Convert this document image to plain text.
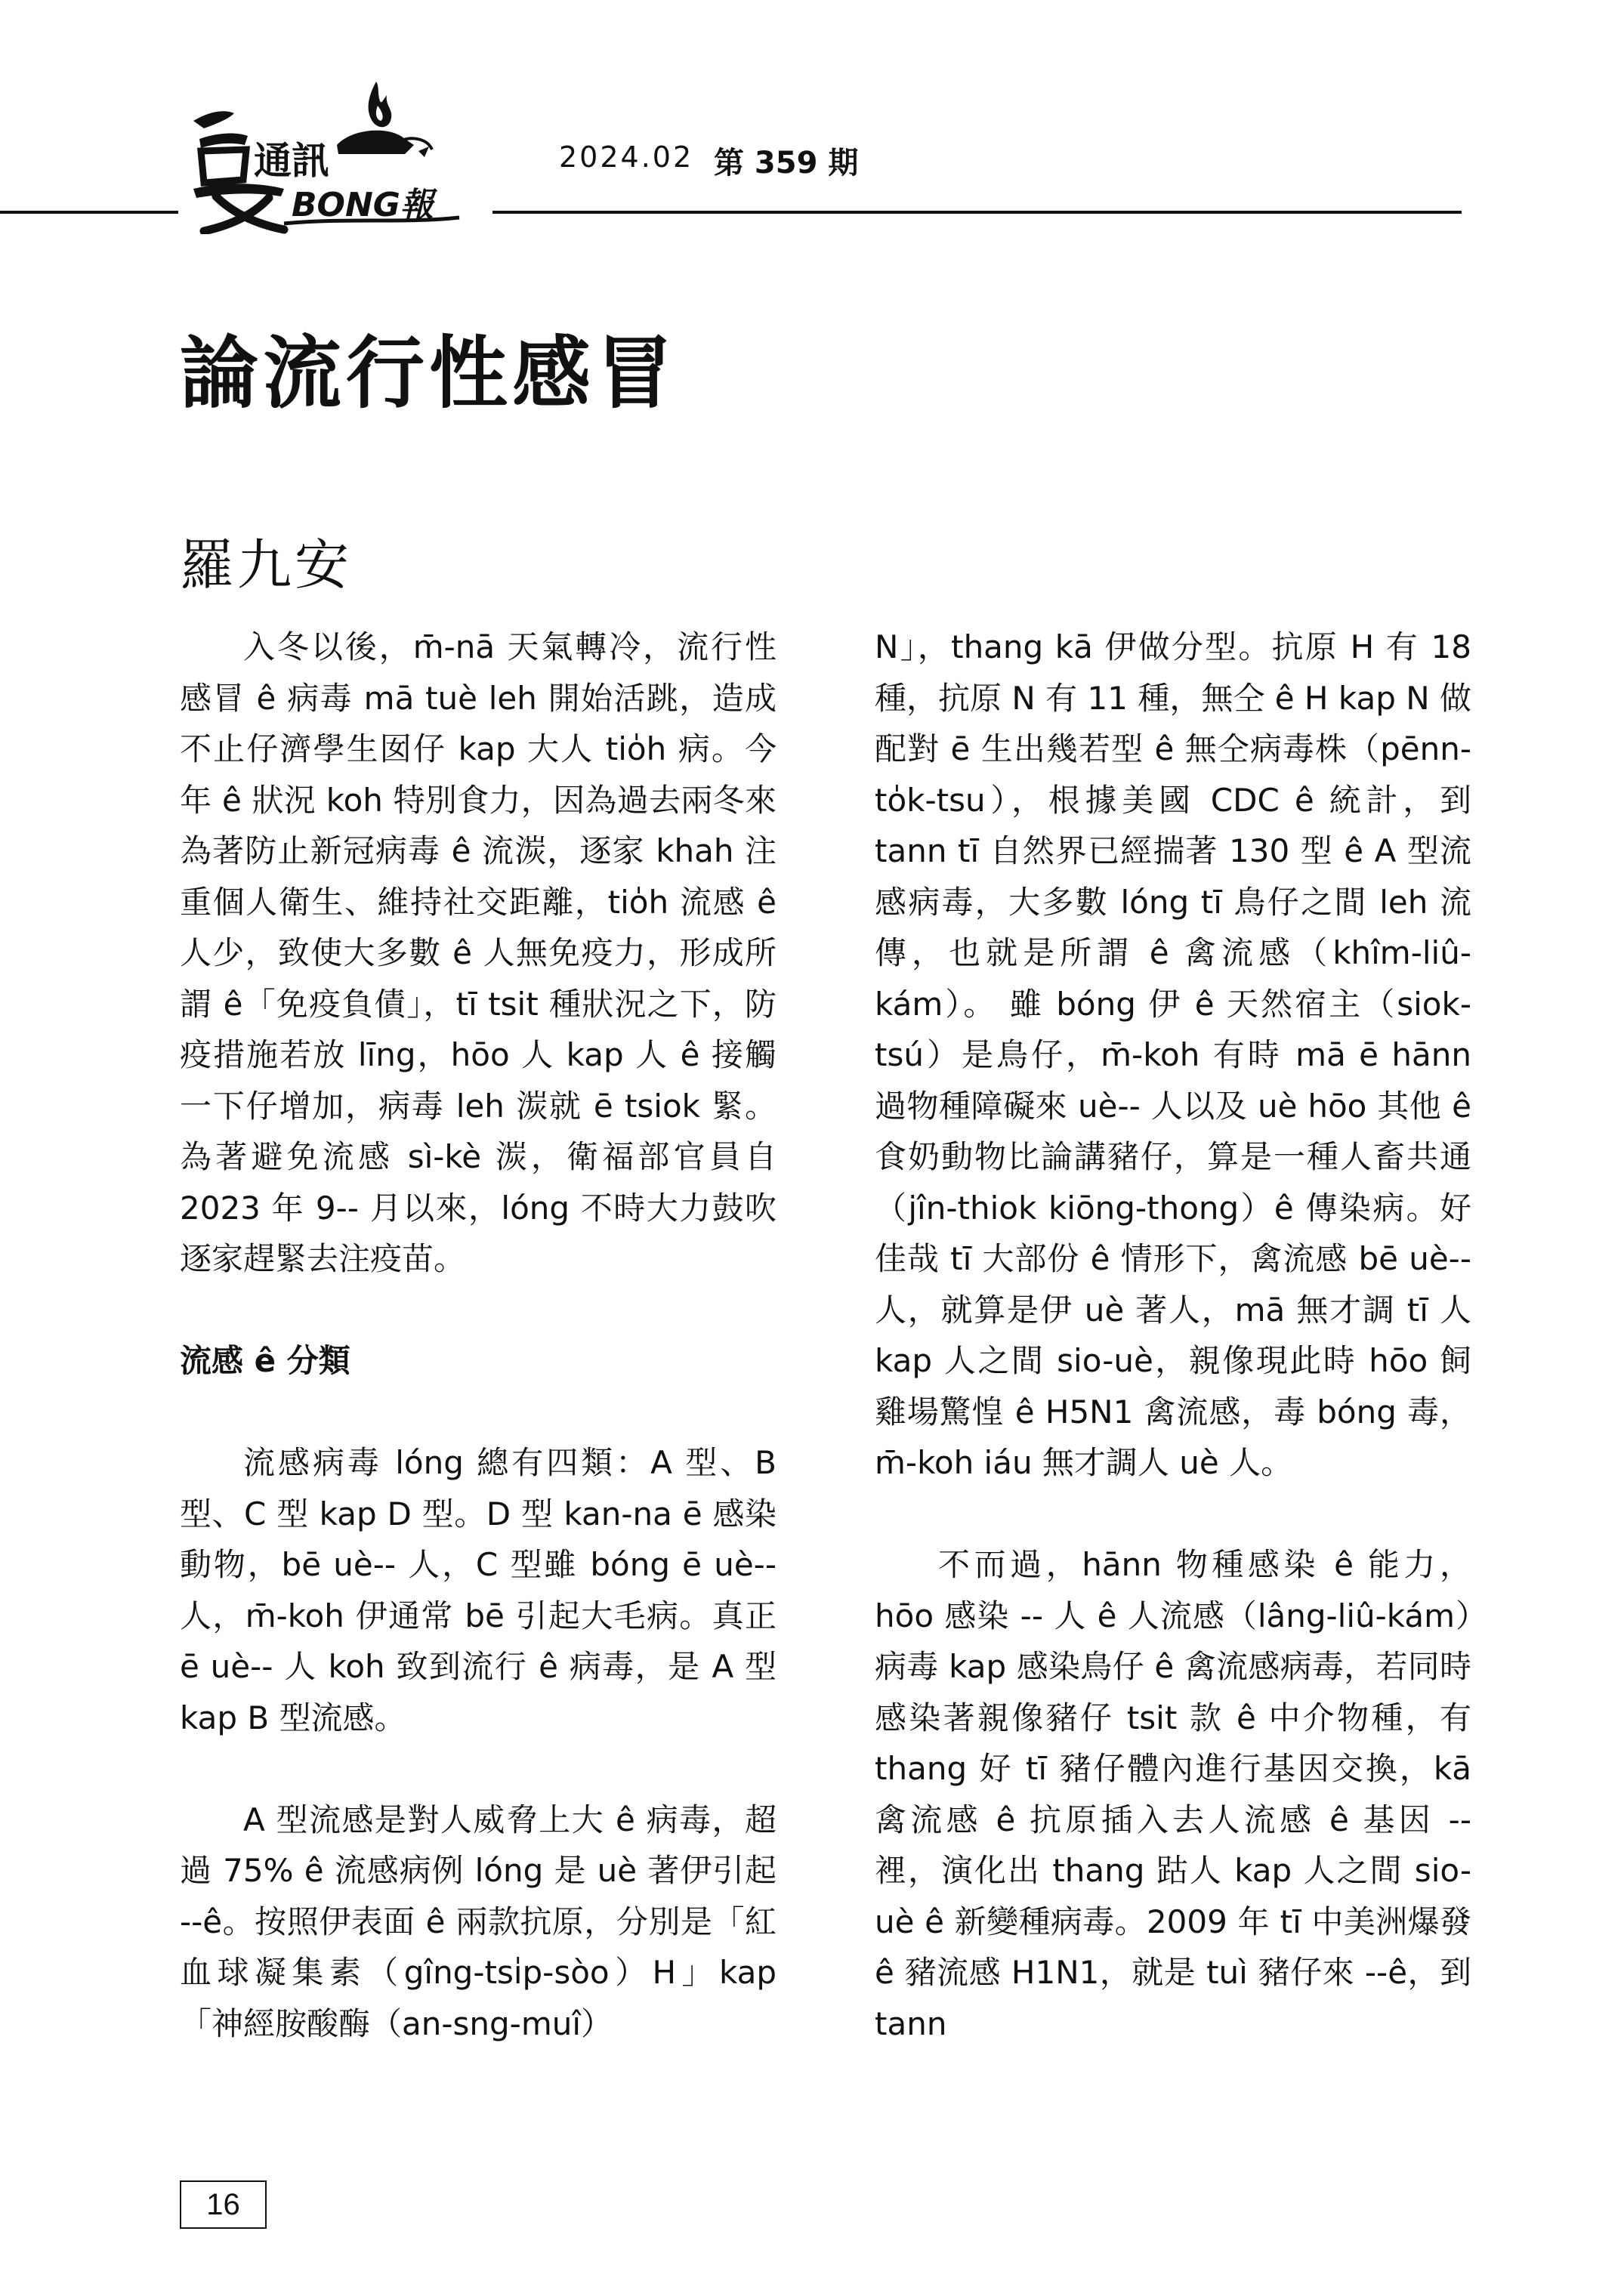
通訊
BONG報
2024.02 第 359 期
論流行性感冒
羅九安

入冬以後，m̄-nā 天氣轉冷，流行性感冒 ê 病毒 mā tuè leh 開始活跳，造成不止仔濟學生囡仔 kap 大人 tio̍h 病。今年 ê 狀況 koh 特別食力，因為過去兩冬來為著防止新冠病毒 ê 流湠，逐家 khah 注重個人衛生、維持社交距離，tio̍h 流感 ê 人少，致使大多數 ê 人無免疫力，形成所謂 ê「免疫負債」，tī tsit 種狀況之下，防疫措施若放 līng，hōo 人 kap 人 ê 接觸一下仔增加，病毒 leh 湠就 ē tsiok 緊。為著避免流感 sì-kè 湠，衛福部官員自 2023 年 9-- 月以來，lóng 不時大力鼓吹逐家趕緊去注疫苗。

流感 ê 分類

流感病毒 lóng 總有四類：A 型、B 型、C 型 kap D 型。D 型 kan-na ē 感染動物，bē uè-- 人，C 型雖 bóng ē uè-- 人，m̄-koh 伊通常 bē 引起大毛病。真正 ē uè-- 人 koh 致到流行 ê 病毒，是 A 型 kap B 型流感。

A 型流感是對人威脅上大 ê 病毒，超過 75% ê 流感病例 lóng 是 uè 著伊引起 --ê。按照伊表面 ê 兩款抗原，分別是「紅血球凝集素（gîng-tsi̍p-sòo）H」kap「神經胺酸酶（an-sng-muî）

N」，thang kā 伊做分型。抗原 H 有 18 種，抗原 N 有 11 種，無仝 ê H kap N 做配對 ē 生出幾若型 ê 無仝病毒株（pēnn-to̍k-tsu），根據美國 CDC ê 統計，到 tann tī 自然界已經揣著 130 型 ê A 型流感病毒，大多數 lóng tī 鳥仔之間 leh 流傳，也就是所謂 ê 禽流感（khîm-liû-kám）。 雖 bóng 伊 ê 天然宿主（siok-tsú）是鳥仔，m̄-koh 有時 mā ē hānn 過物種障礙來 uè-- 人以及 uè hōo 其他 ê 食奶動物比論講豬仔，算是一種人畜共通（jîn-thiok kiōng-thong）ê 傳染病。好佳哉 tī 大部份 ê 情形下，禽流感 bē uè-- 人，就算是伊 uè 著人，mā 無才調 tī 人 kap 人之間 sio-uè，親像現此時 hōo 飼雞場驚惶 ê H5N1 禽流感，毒 bóng 毒，m̄-koh iáu 無才調人 uè 人。

不而過，hānn 物種感染 ê 能力，hōo 感染 -- 人 ê 人流感（lâng-liû-kám）病毒 kap 感染鳥仔 ê 禽流感病毒，若同時感染著親像豬仔 tsit 款 ê 中介物種，有 thang 好 tī 豬仔體內進行基因交換，kā 禽流感 ê 抗原插入去人流感 ê 基因 -- 裡，演化出 thang 跍人 kap 人之間 sio-uè ê 新變種病毒。2009 年 tī 中美洲爆發 ê 豬流感 H1N1，就是 tuì 豬仔來 --ê，到 tann

16
